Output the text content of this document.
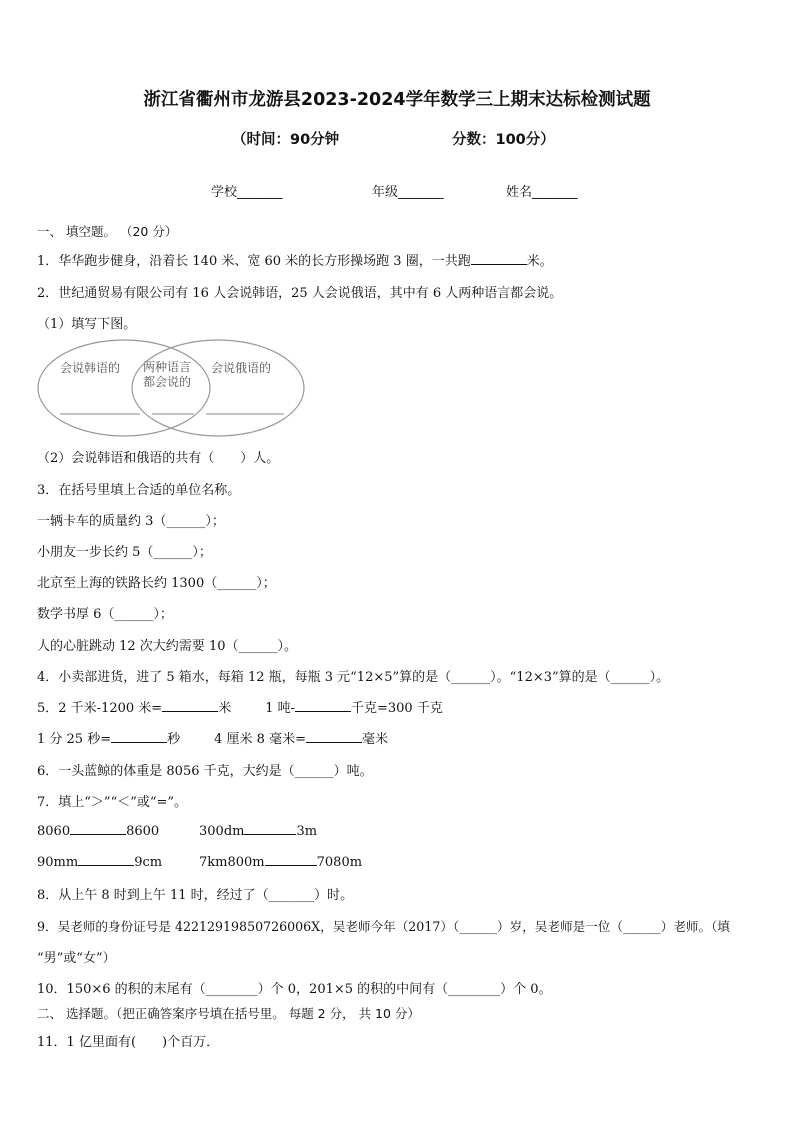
浙江省衢州市龙游县2023-2024学年数学三上期末达标检测试题
（时间：90分钟	分数：100分）
学校_______	年级_______	姓名_______
一、 填空题。 （20 分）
1．华华跑步健身，沿着长 140 米、宽 60 米的长方形操场跑 3 圈，一共跑	米。
2．世纪通贸易有限公司有 16 人会说韩语，25 人会说俄语，其中有 6 人两种语言都会说。
（1）填写下图。
会说韩语的 两种语言
都会说的
会说俄语的
（2）会说韩语和俄语的共有（　　）人。
3．在括号里填上合适的单位名称。
一辆卡车的质量约 3（______）；
小朋友一步长约 5（______）；
北京至上海的铁路长约 1300（______）；
数学书厚 6（______）；
人的心脏跳动 12 次大约需要 10（______）。
4．小卖部进货，进了 5 箱水，每箱 12 瓶，每瓶 3 元“12×5”算的是（______）。“12×3”算的是（______）。
5．2 千米-1200 米=	米	1 吨-	千克=300 千克
1 分 25 秒=	秒	4 厘米 8 毫米=	毫米
6．一头蓝鲸的体重是 8056 千克，大约是（______）吨。
7．填上“＞”“＜”或“=”。
8060	8600	300dm	3m
90mm	9cm	7km800m	7080m
8．从上午 8 时到上午 11 时，经过了（_______）时。
9．吴老师的身份证号是 42212919850726006X，吴老师今年（2017）（______）岁，吴老师是一位（______）老师。（填
“男”或“女”）
10．150×6 的积的末尾有（________）个 0，201×5 的积的中间有（________）个 0。
二、 选择题。（把正确答案序号填在括号里。 每题 2 分， 共 10 分）
11．1 亿里面有(　　)个百万．
